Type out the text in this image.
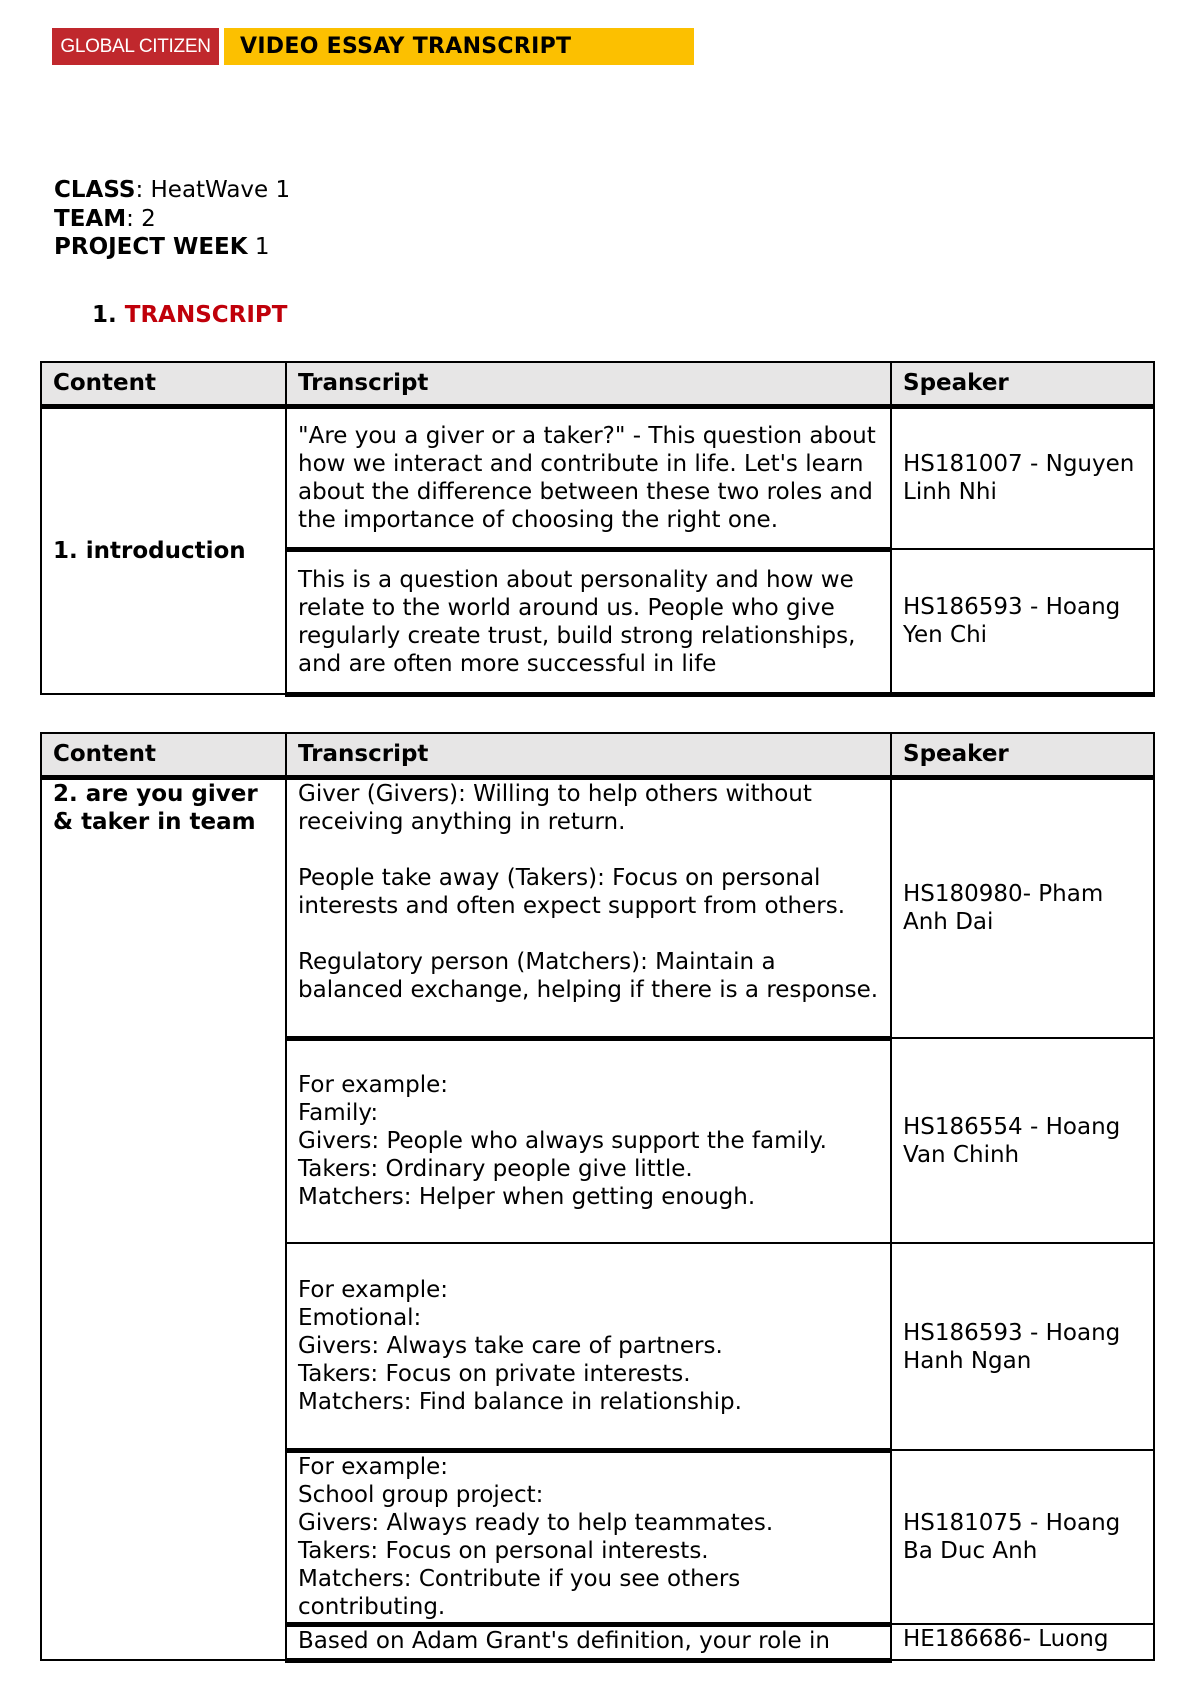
GLOBAL CITIZEN	VIDEO ESSAY TRANSCRIPT
CLASS: HeatWave 1
TEAM: 2
PROJECT WEEK 1
1. TRANSCRIPT
Content	Transcript	Speaker
1. introduction	"Are you a giver or a taker?" - This question about how we interact and contribute in life. Let's learn about the difference between these two roles and the importance of choosing the right one.	HS181007 - Nguyen Linh Nhi
	This is a question about personality and how we relate to the world around us. People who give regularly create trust, build strong relationships, and are often more successful in life	HS186593 - Hoang Yen Chi
Content	Transcript	Speaker
2. are you giver & taker in team	Giver (Givers): Willing to help others without receiving anything in return.
People take away (Takers): Focus on personal interests and often expect support from others.
Regulatory person (Matchers): Maintain a balanced exchange, helping if there is a response.	HS180980- Pham Anh Dai

	For example:
Family:
Givers: People who always support the family.
Takers: Ordinary people give little.
Matchers: Helper when getting enough.	HS186554 - Hoang Van Chinh

	For example:
Emotional:
Givers: Always take care of partners.
Takers: Focus on private interests.
Matchers: Find balance in relationship.	HS186593 - Hoang Hanh Ngan

	For example:
School group project:
Givers: Always ready to help teammates.
Takers: Focus on personal interests.
Matchers: Contribute if you see others contributing.	HS181075 - Hoang Ba Duc Anh
	Based on Adam Grant's definition, your role in	HE186686- Luong
